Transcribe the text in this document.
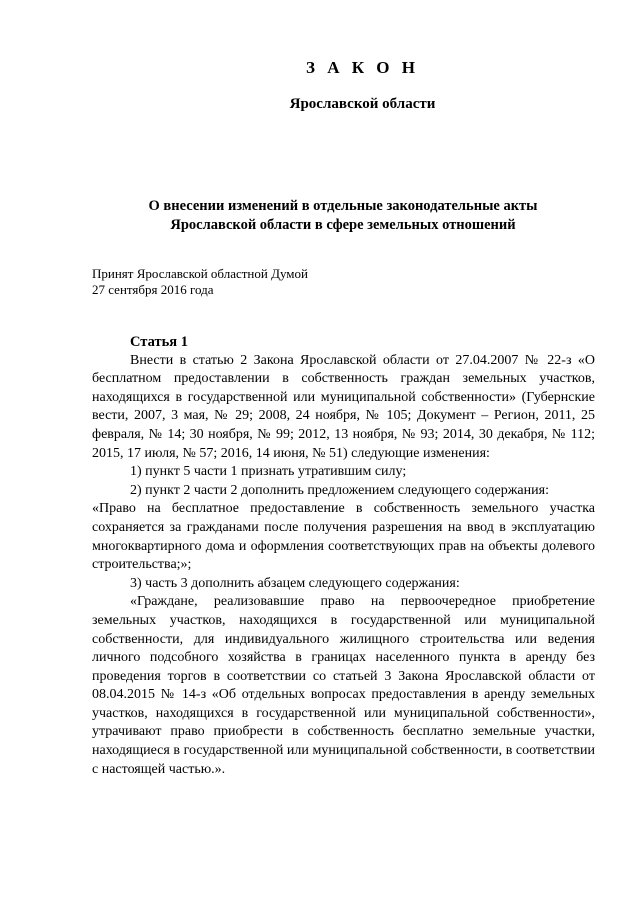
З А К О Н
Ярославской области
О внесении изменений в отдельные законодательные акты
Ярославской области в сфере земельных отношений
Принят Ярославской областной Думой
27 сентября 2016 года
Статья 1

Внести в статью 2 Закона Ярославской области от 27.04.2007 № 22-з «О бесплатном предоставлении в собственность граждан земельных участков, находящихся в государственной или муниципальной собственности» (Губернские вести, 2007, 3 мая, № 29; 2008, 24 ноября, № 105; Документ – Регион, 2011, 25 февраля, № 14; 30 ноября, № 99; 2012, 13 ноября, № 93; 2014, 30 декабря, № 112; 2015, 17 июля, № 57; 2016, 14 июня, № 51) следующие изменения:

1) пункт 5 части 1 признать утратившим силу;

2) пункт 2 части 2 дополнить предложением следующего содержания:

«Право на бесплатное предоставление в собственность земельного участка сохраняется за гражданами после получения разрешения на ввод в эксплуатацию многоквартирного дома и оформления соответствующих прав на объекты долевого строительства;»;

3) часть 3 дополнить абзацем следующего содержания:

«Граждане, реализовавшие право на первоочередное приобретение земельных участков, находящихся в государственной или муниципальной собственности, для индивидуального жилищного строительства или ведения личного подсобного хозяйства в границах населенного пункта в аренду без проведения торгов в соответствии со статьей 3 Закона Ярославской области от 08.04.2015 № 14-з «Об отдельных вопросах предоставления в аренду земельных участков, находящихся в государственной или муниципальной собственности», утрачивают право приобрести в собственность бесплатно земельные участки, находящиеся в государственной или муниципальной собственности, в соответствии с настоящей частью.».
